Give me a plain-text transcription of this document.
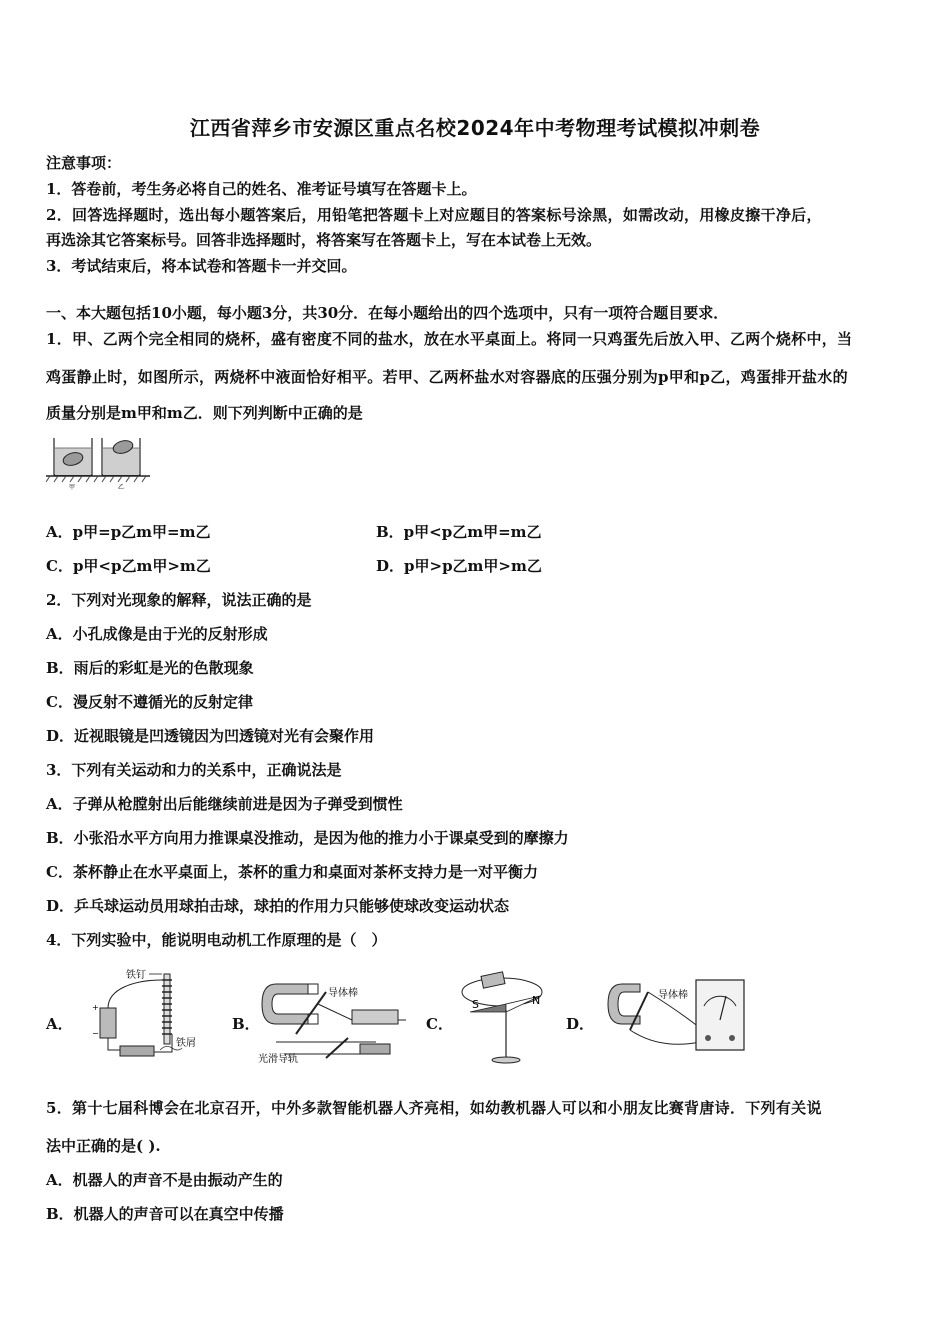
江西省萍乡市安源区重点名校2024年中考物理考试模拟冲刺卷
注意事项：
1．答卷前，考生务必将自己的姓名、准考证号填写在答题卡上。
2．回答选择题时，选出每小题答案后，用铅笔把答题卡上对应题目的答案标号涂黑，如需改动，用橡皮擦干净后，
再选涂其它答案标号。回答非选择题时，将答案写在答题卡上，写在本试卷上无效。
3．考试结束后，将本试卷和答题卡一并交回。
一、本大题包括10小题，每小题3分，共30分．在每小题给出的四个选项中，只有一项符合题目要求．
1．甲、乙两个完全相同的烧杯，盛有密度不同的盐水，放在水平桌面上。将同一只鸡蛋先后放入甲、乙两个烧杯中，当
鸡蛋静止时，如图所示，两烧杯中液面恰好相平。若甲、乙两杯盐水对容器底的压强分别为p甲和p乙，鸡蛋排开盐水的
质量分别是m甲和m乙．则下列判断中正确的是
甲	乙
A．p甲=p乙m甲=m乙	B．p甲<p乙m甲=m乙
C．p甲<p乙m甲>m乙	D．p甲>p乙m甲>m乙
2．下列对光现象的解释，说法正确的是
A．小孔成像是由于光的反射形成
B．雨后的彩虹是光的色散现象
C．漫反射不遵循光的反射定律
D．近视眼镜是凹透镜因为凹透镜对光有会聚作用
3．下列有关运动和力的关系中，正确说法是
A．子弹从枪膛射出后能继续前进是因为子弹受到惯性
B．小张沿水平方向用力推课桌没推动，是因为他的推力小于课桌受到的摩擦力
C．茶杯静止在水平桌面上，茶杯的重力和桌面对茶杯支持力是一对平衡力
D．乒乓球运动员用球拍击球，球拍的作用力只能够使球改变运动状态
4．下列实验中，能说明电动机工作原理的是（　）
A．	B．	C．	D．
铁钉
+
−
铁屑
导体棒
光滑导轨
S	N	导体棒
5．第十七届科博会在北京召开，中外多款智能机器人齐亮相，如幼教机器人可以和小朋友比赛背唐诗．下列有关说
法中正确的是( ).
A．机器人的声音不是由振动产生的
B．机器人的声音可以在真空中传播
